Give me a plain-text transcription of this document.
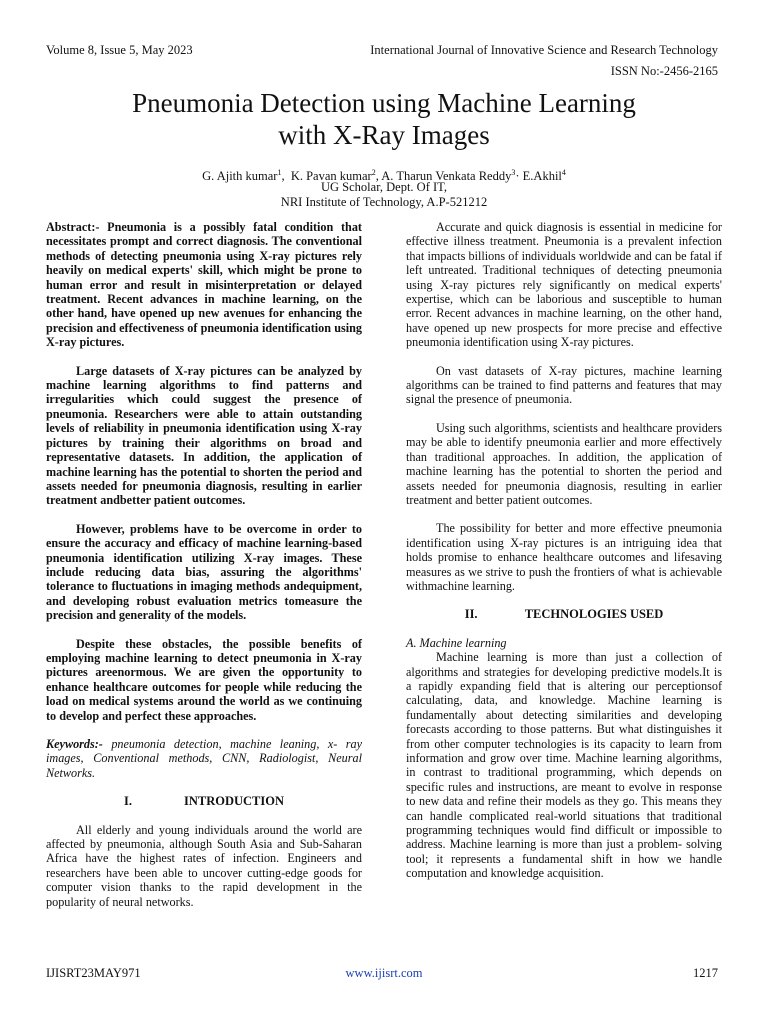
Volume 8, Issue 5, May 2023	International Journal of Innovative Science and Research Technology
ISSN No:-2456-2165
Pneumonia Detection using Machine Learning
with X-Ray Images
G. Ajith kumar$^1$,  K. Pavan kumar$^2$, A. Tharun Venkata Reddy$^3$· E.Akhil$^4$
UG Scholar, Dept. Of IT,
NRI Institute of Technology, A.P-521212

Abstract:- Pneumonia is a possibly fatal condition that necessitates prompt and correct diagnosis. The conventional methods of detecting pneumonia using X-ray pictures rely heavily on medical experts' skill, which might be prone to human error and result in misinterpretation or delayed treatment. Recent advances in machine learning, on the other hand, have opened up new avenues for enhancing the precision and effectiveness of pneumonia identification using X-ray pictures.

Large datasets of X-ray pictures can be analyzed by machine learning algorithms to find patterns and irregularities which could suggest the presence of pneumonia. Researchers were able to attain outstanding levels of reliability in pneumonia identification using X-ray pictures by training their algorithms on broad and representative datasets. In addition, the application of machine learning has the potential to shorten the period and assets needed for pneumonia diagnosis, resulting in earlier treatment andbetter patient outcomes.

However, problems have to be overcome in order to ensure the accuracy and efficacy of machine learning-based pneumonia identification utilizing X-ray images. These include reducing data bias, assuring the algorithms' tolerance to fluctuations in imaging methods andequipment, and developing robust evaluation metrics tomeasure the precision and generality of the models.

Despite these obstacles, the possible benefits of employing machine learning to detect pneumonia in X-ray pictures areenormous. We are given the opportunity to enhance healthcare outcomes for people while reducing the load on medical systems around the world as we continuing to develop and perfect these approaches.

Keywords:- pneumonia detection, machine leaning, x- ray images, Conventional methods, CNN, Radiologist, Neural Networks.

I.	INTRODUCTION

All elderly and young individuals around the world are affected by pneumonia, although South Asia and Sub-Saharan Africa have the highest rates of infection. Engineers and researchers have been able to uncover cutting-edge goods for computer vision thanks to the rapid development in the popularity of neural networks.

Accurate and quick diagnosis is essential in medicine for effective illness treatment. Pneumonia is a prevalent infection that impacts billions of individuals worldwide and can be fatal if left untreated. Traditional techniques of detecting pneumonia using X-ray pictures rely significantly on medical experts' expertise, which can be laborious and susceptible to human error. Recent advances in machine learning, on the other hand, have opened up new prospects for more precise and effective pneumonia identification using X-ray pictures.

On vast datasets of X-ray pictures, machine learning algorithms can be trained to find patterns and features that may signal the presence of pneumonia.

Using such algorithms, scientists and healthcare providers may be able to identify pneumonia earlier and more effectively than traditional approaches. In addition, the application of machine learning has the potential to shorten the period and assets needed for pneumonia diagnosis, resulting in earlier treatment and better patient outcomes.

The possibility for better and more effective pneumonia identification using X-ray pictures is an intriguing idea that holds promise to enhance healthcare outcomes and lifesaving measures as we strive to push the frontiers of what is achievable withmachine learning.

II.	TECHNOLOGIES USED
A. Machine learning

Machine learning is more than just a collection of algorithms and strategies for developing predictive models.It is a rapidly expanding field that is altering our perceptionsof calculating, data, and knowledge. Machine learning is fundamentally about detecting similarities and developing forecasts according to those patterns. But what distinguishes it from other computer technologies is its capacity to learn from information and grow over time. Machine learning algorithms, in contrast to traditional programming, which depends on specific rules and instructions, are meant to evolve in response to new data and refine their models as they go. This means they can handle complicated real-world situations that traditional programming techniques would find difficult or impossible to address. Machine learning is more than just a problem- solving tool; it represents a fundamental shift in how we handle computation and knowledge acquisition.

IJISRT23MAY971	www.ijisrt.com	1217
